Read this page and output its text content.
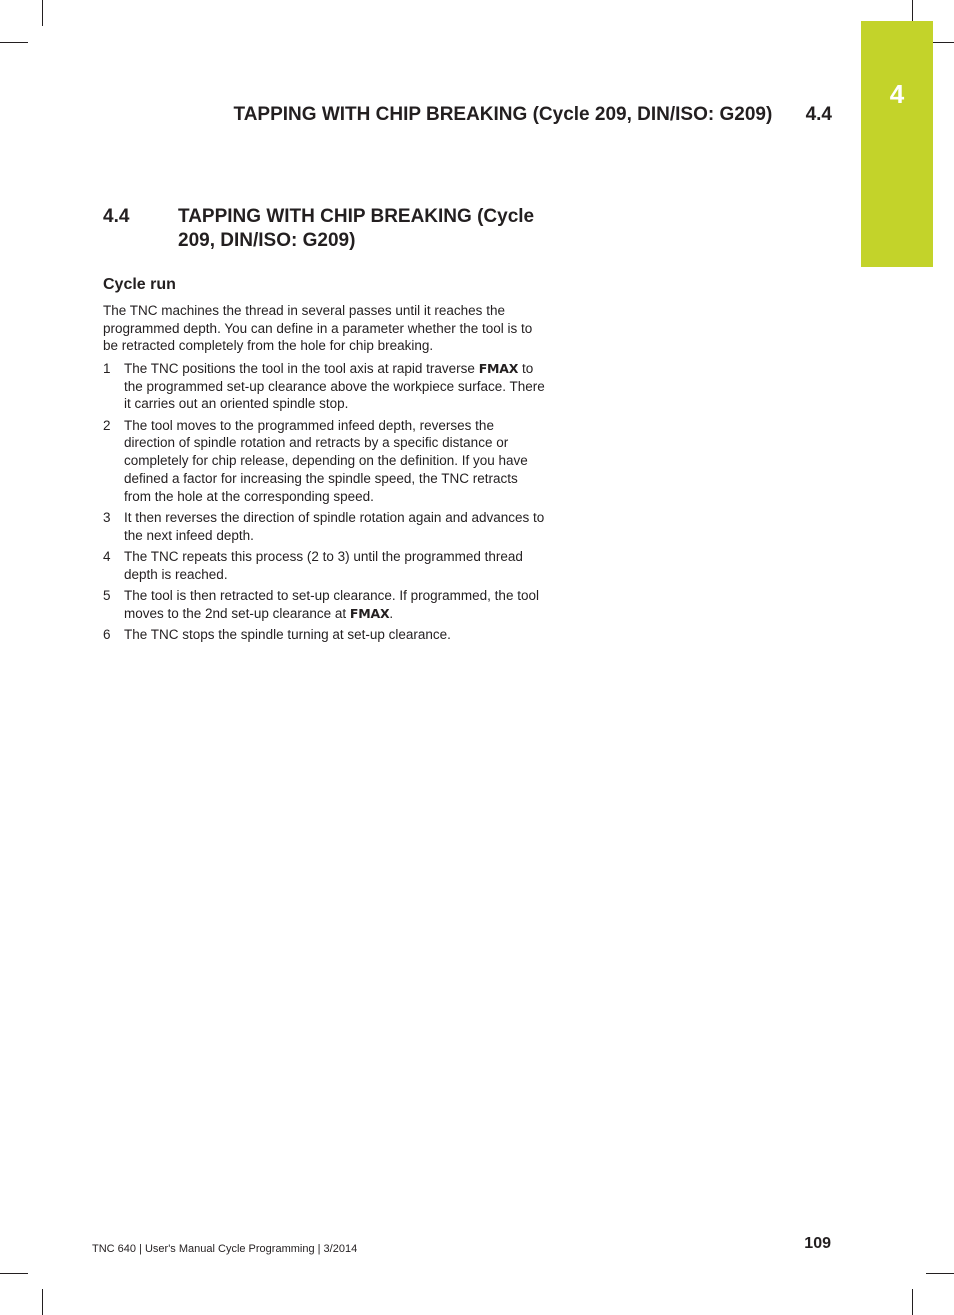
4
TAPPING WITH CHIP BREAKING (Cycle 209, DIN/ISO: G209) 4.4
4.4	TAPPING WITH CHIP BREAKING (Cycle
209, DIN/ISO: G209)
Cycle run

The TNC machines the thread in several passes until it reaches the programmed depth. You can define in a parameter whether the tool is to be retracted completely from the hole for chip breaking.

1 The TNC positions the tool in the tool axis at rapid traverse FMAX to the programmed set-up clearance above the workpiece surface. There it carries out an oriented spindle stop.
2 The tool moves to the programmed infeed depth, reverses the direction of spindle rotation and retracts by a specific distance or completely for chip release, depending on the definition. If you have defined a factor for increasing the spindle speed, the TNC retracts from the hole at the corresponding speed.
3 It then reverses the direction of spindle rotation again and advances to the next infeed depth.
4 The TNC repeats this process (2 to 3) until the programmed thread depth is reached.
5 The tool is then retracted to set-up clearance. If programmed, the tool moves to the 2nd set-up clearance at FMAX.
6 The TNC stops the spindle turning at set-up clearance.
TNC 640 | User's Manual Cycle Programming | 3/2014	109
